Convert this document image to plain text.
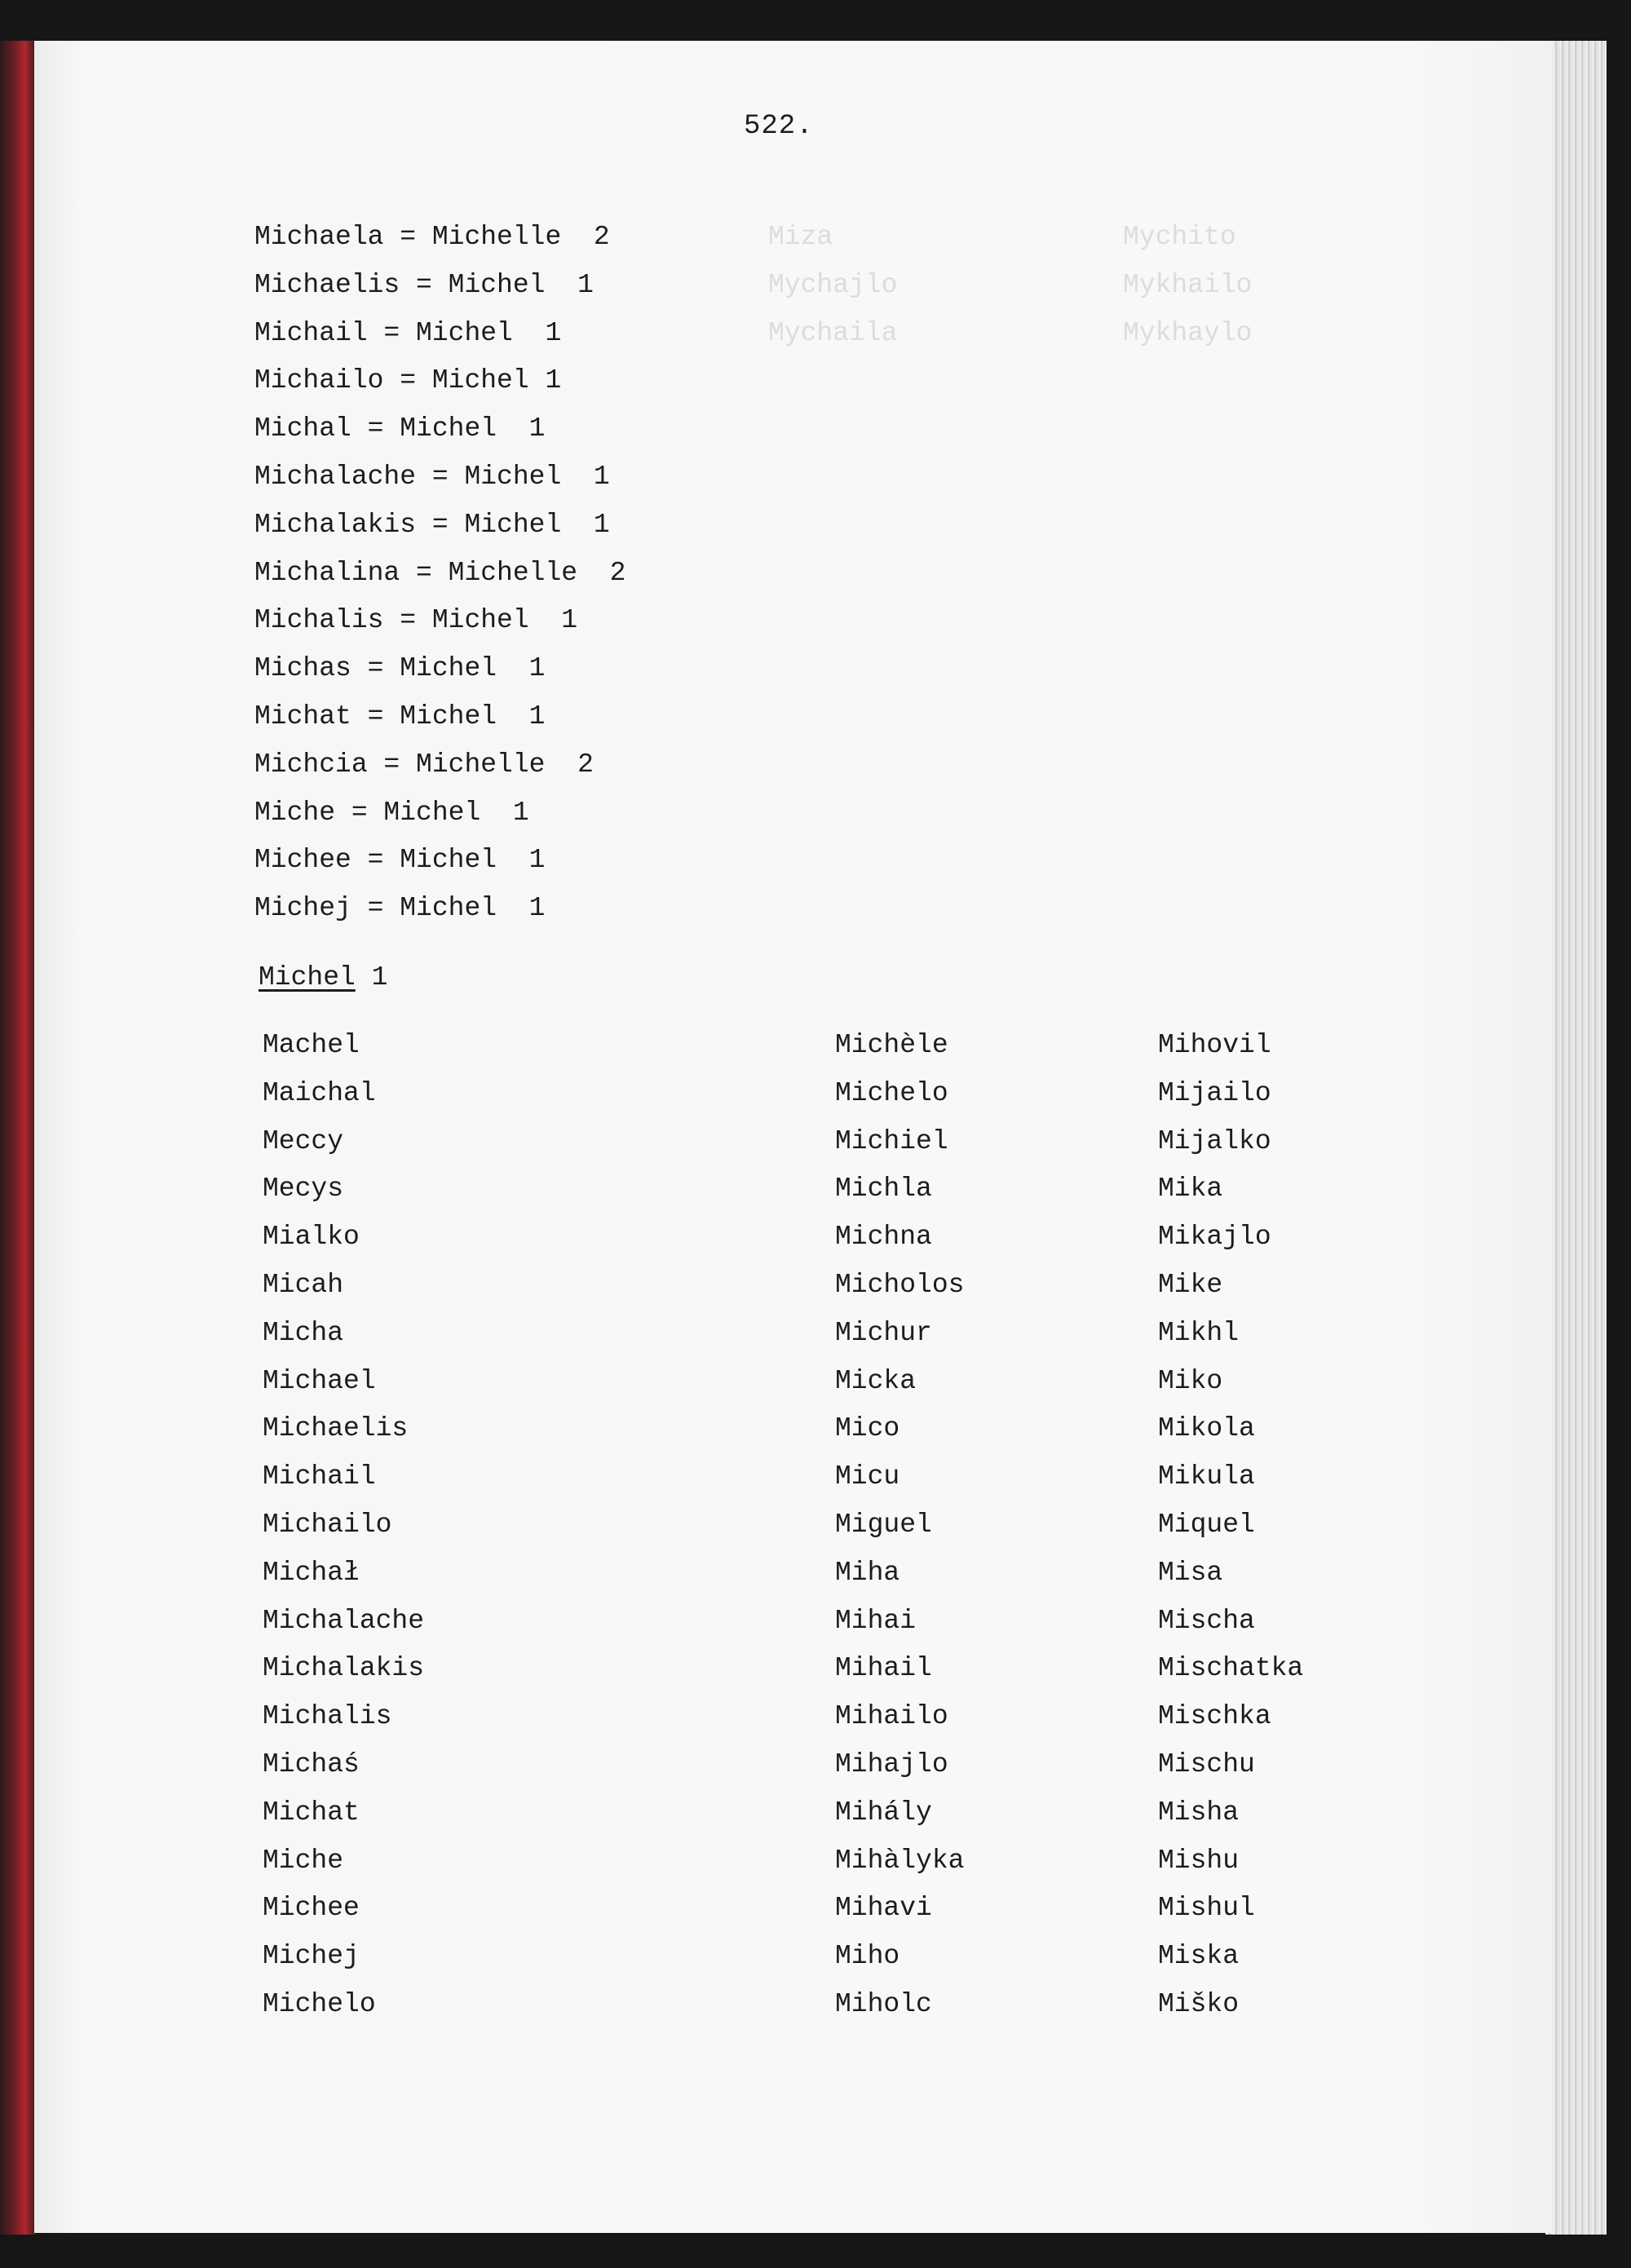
Miza
Mychajlo
Mychaila
Mychito
Mykhailo
Mykhaylo
522.
Michaela = Michelle  2
Michaelis = Michel  1
Michail = Michel  1
Michailo = Michel 1
Michal = Michel  1
Michalache = Michel  1
Michalakis = Michel  1
Michalina = Michelle  2
Michalis = Michel  1
Michas = Michel  1
Michat = Michel  1
Michcia = Michelle  2
Miche = Michel  1
Michee = Michel  1
Michej = Michel  1
Michel 1
Machel
Maichal
Meccy
Mecys
Mialko
Micah
Micha
Michael
Michaelis
Michail
Michailo
Michał
Michalache
Michalakis
Michalis
Michaś
Michat
Miche
Michee
Michej
Michelo
Michèle
Michelo
Michiel
Michla
Michna
Micholos
Michur
Micka
Mico
Micu
Miguel
Miha
Mihai
Mihail
Mihailo
Mihajlo
Mihály
Mihàlyka
Mihavi
Miho
Miholc
Mihovil
Mijailo
Mijalko
Mika
Mikajlo
Mike
Mikhl
Miko
Mikola
Mikula
Miquel
Misa
Mischa
Mischatka
Mischka
Mischu
Misha
Mishu
Mishul
Miska
Miško
